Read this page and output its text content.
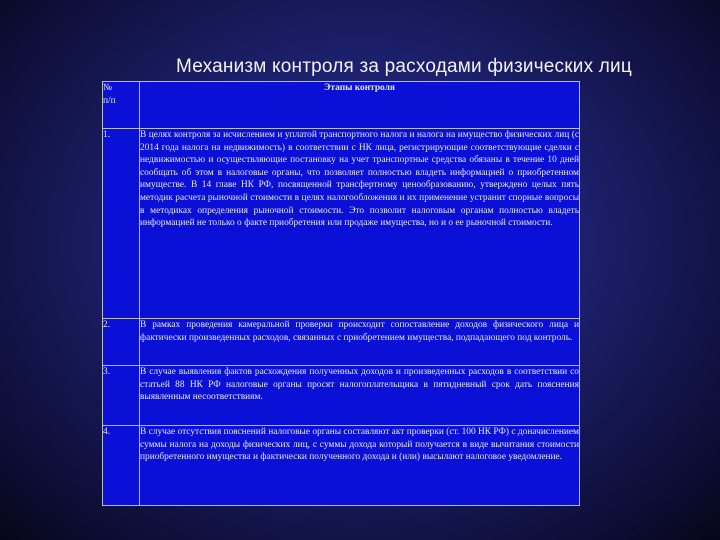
Механизм контроля за расходами физических лиц
№
п/п	Этапы контроля
1.	В целях контроля за исчислением и уплатой транспортного налога и налога на имущество физических лиц (с 2014 года налога на недвижимость) в соответствии с НК лица, регистрирующие соответствующие сделки с недвижимостью и осуществляющие постановку на учет транспортные средства обязаны в течение 10 дней сообщать об этом в налоговые органы, что позволяет полностью владеть информацией о приобретенном имуществе. В 14 главе НК РФ, посвященной трансфертному ценообразованию, утверждено целых пять методик расчета рыночной стоимости в целях налогообложения и их применение устранит спорные вопросы в методиках определения рыночной стоимости. Это позволит налоговым органам полностью владеть информацией не только о факте приобретения или продаже имущества, но и о ее рыночной стоимости.
2.	В рамках проведения камеральной проверки происходит сопоставление доходов физического лица и фактически произведенных расходов, связанных с приобретением имущества, подпадающего под контроль.
3.	В случае выявления фактов расхождения полученных доходов и произведенных расходов в соответствии со статьей 88 НК РФ налоговые органы просят налогоплательщика в пятидневный срок дать пояснения выявленным несоответствиям.
4.	В случае отсутствия пояснений налоговые органы составляют акт проверки (ст. 100 НК РФ) с доначислением суммы налога на доходы физических лиц, с суммы дохода который получается в виде вычитания стоимости приобретенного имущества и фактически полученного дохода и (или) высылают налоговое уведомление.
